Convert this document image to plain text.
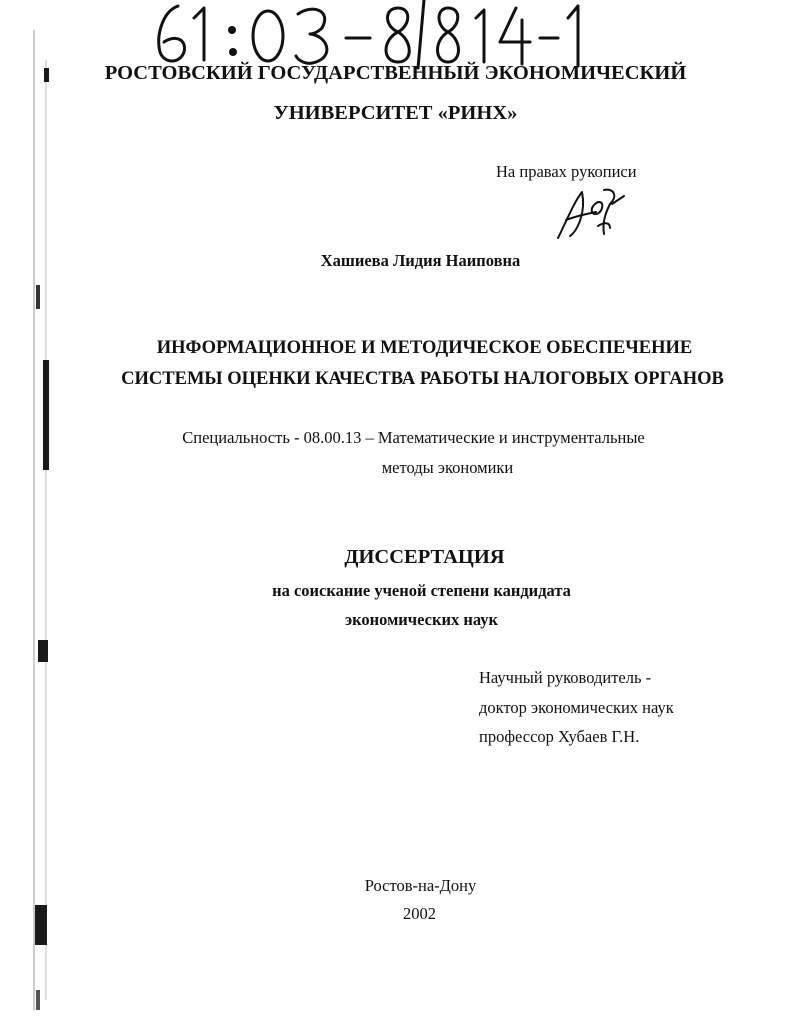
РОСТОВСКИЙ ГОСУДАРСТВЕННЫЙ ЭКОНОМИЧЕСКИЙ
УНИВЕРСИТЕТ «РИНХ»
На правах рукописи
Хашиева Лидия Наиповна
ИНФОРМАЦИОННОЕ И МЕТОДИЧЕСКОЕ ОБЕСПЕЧЕНИЕ
СИСТЕМЫ ОЦЕНКИ КАЧЕСТВА РАБОТЫ НАЛОГОВЫХ ОРГАНОВ
Специальность - 08.00.13 – Математические и инструментальные
методы экономики
ДИССЕРТАЦИЯ
на соискание ученой степени кандидата
экономических наук
Научный руководитель -
доктор экономических наук
профессор Хубаев Г.Н.
Ростов-на-Дону
2002
